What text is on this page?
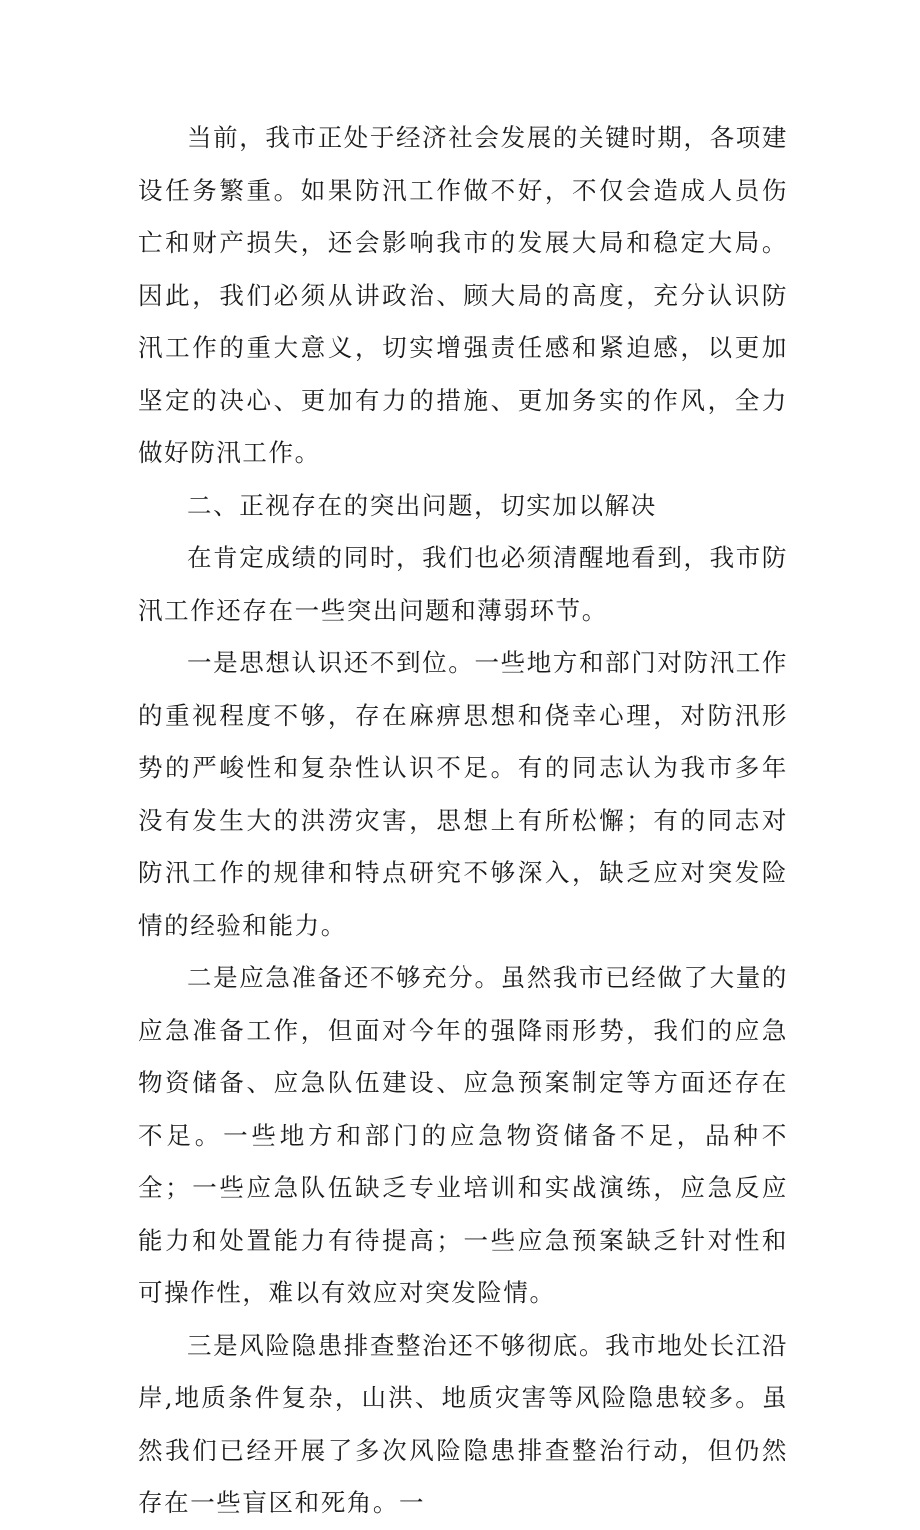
当前，我市正处于经济社会发展的关键时期，各项建设任务繁重。如果防汛工作做不好，不仅会造成人员伤亡和财产损失，还会影响我市的发展大局和稳定大局。因此，我们必须从讲政治、顾大局的高度，充分认识防汛工作的重大意义，切实增强责任感和紧迫感，以更加坚定的决心、更加有力的措施、更加务实的作风，全力做好防汛工作。

二、正视存在的突出问题，切实加以解决

在肯定成绩的同时，我们也必须清醒地看到，我市防汛工作还存在一些突出问题和薄弱环节。

一是思想认识还不到位。一些地方和部门对防汛工作的重视程度不够，存在麻痹思想和侥幸心理，对防汛形势的严峻性和复杂性认识不足。有的同志认为我市多年没有发生大的洪涝灾害，思想上有所松懈；有的同志对防汛工作的规律和特点研究不够深入，缺乏应对突发险情的经验和能力。

二是应急准备还不够充分。虽然我市已经做了大量的应急准备工作，但面对今年的强降雨形势，我们的应急物资储备、应急队伍建设、应急预案制定等方面还存在不足。一些地方和部门的应急物资储备不足，品种不全；一些应急队伍缺乏专业培训和实战演练，应急反应能力和处置能力有待提高；一些应急预案缺乏针对性和可操作性，难以有效应对突发险情。

三是风险隐患排查整治还不够彻底。我市地处长江沿岸,地质条件复杂，山洪、地质灾害等风险隐患较多。虽然我们已经开展了多次风险隐患排查整治行动，但仍然存在一些盲区和死角。一
